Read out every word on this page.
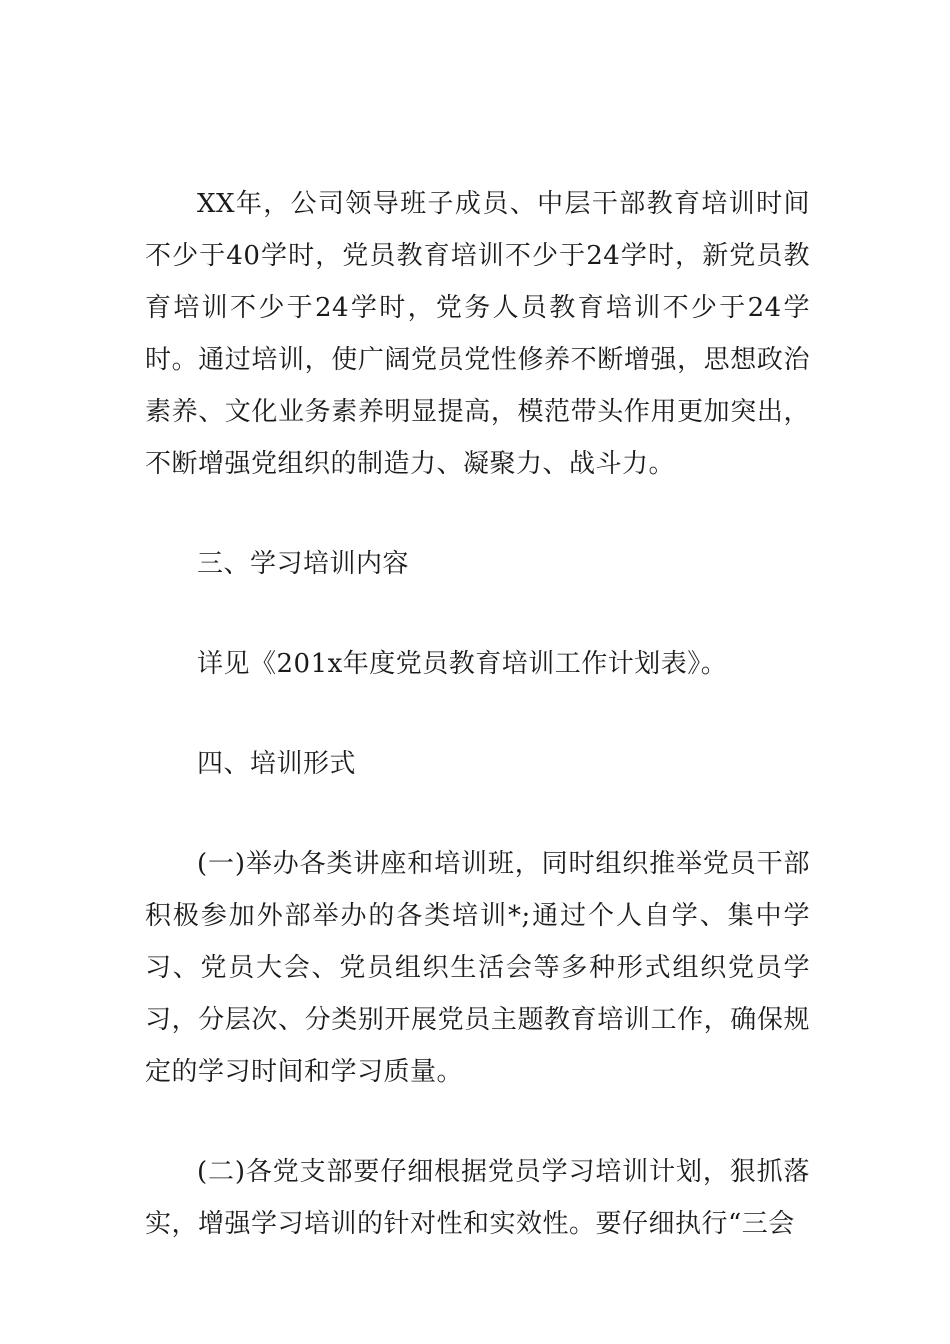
XX年，公司领导班子成员、中层干部教育培训时间不少于40学时，党员教育培训不少于24学时，新党员教育培训不少于24学时，党务人员教育培训不少于24学时。通过培训，使广阔党员党性修养不断增强，思想政治素养、文化业务素养明显提高，模范带头作用更加突出，不断增强党组织的制造力、凝聚力、战斗力。

三、学习培训内容

详见《201x年度党员教育培训工作计划表》。

四、培训形式

(一)举办各类讲座和培训班，同时组织推举党员干部积极参加外部举办的各类培训*;通过个人自学、集中学习、党员大会、党员组织生活会等多种形式组织党员学习，分层次、分类别开展党员主题教育培训工作，确保规定的学习时间和学习质量。

(二)各党支部要仔细根据党员学习培训计划，狠抓落实，增强学习培训的针对性和实效性。要仔细执行“三会
